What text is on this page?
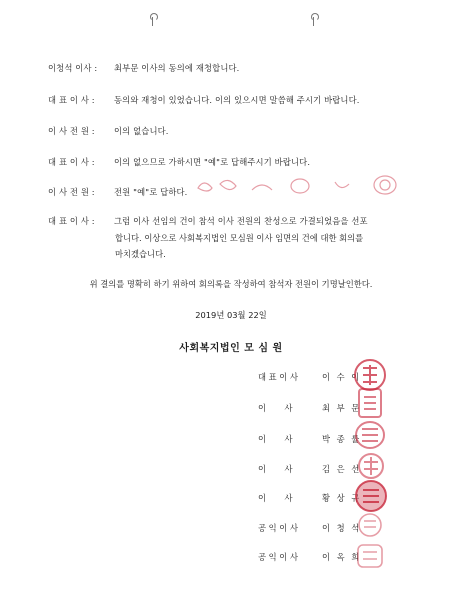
이청석 이사 : 최부문 이사의 동의에 재청합니다.
대 표 이 사 : 동의와 재청이 있었습니다. 이의 있으시면 말씀해 주시기 바랍니다.
이 사 전 원 : 이의 없습니다.
대 표 이 사 : 이의 없으므로 가하시면 "예"로 답해주시기 바랍니다.
이 사 전 원 : 전원 "예"로 답하다.
대 표 이 사 : 그럼 이사 선임의 건이 참석 이사 전원의 찬성으로 가결되었음을 선포
합니다. 이상으로 사회복지법인 모심원 이사 임면의 건에 대한 회의를
마치겠습니다.
위 결의를 명확히 하기 위하여 회의록을 작성하여 참석자 전원이 기명날인한다.
2019년 03월 22일
사회복지법인 모 심 원
대 표 이 사	이 수 이
이       사	최 부 문
이       사	박 종 률
이       사	김 은 선
이       사	황 상 규
공 익 이 사	이 청 석
공 익 이 사	이 옥 희
